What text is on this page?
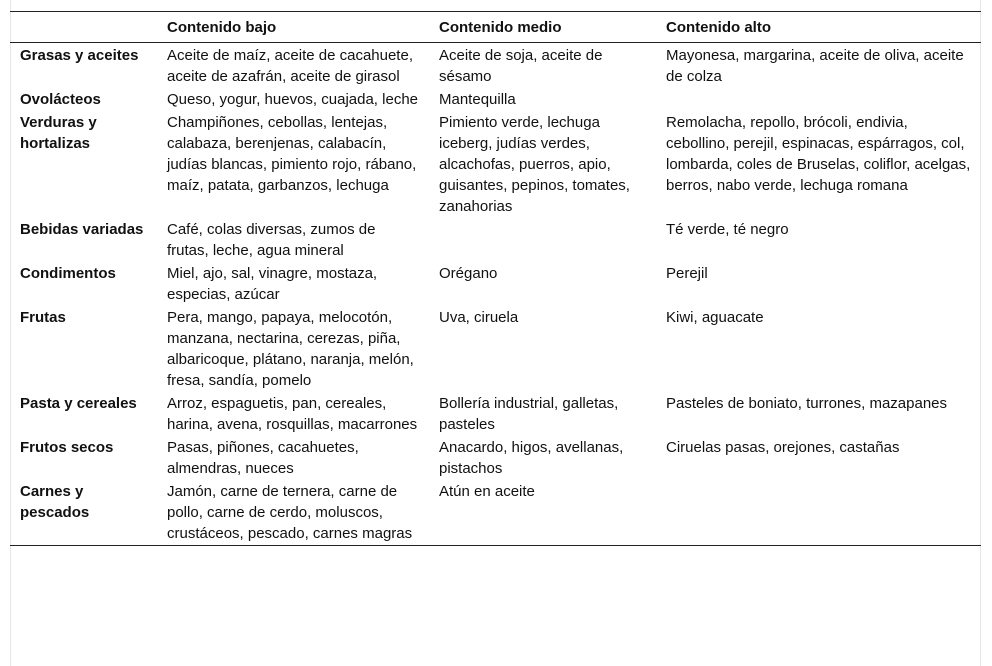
	Contenido bajo	Contenido medio	Contenido alto
Grasas y aceites	Aceite de maíz, aceite de cacahuete, aceite de azafrán, aceite de girasol	Aceite de soja, aceite de sésamo	Mayonesa, margarina, aceite de oliva, aceite de colza
Ovolácteos	Queso, yogur, huevos, cuajada, leche	Mantequilla	
Verduras y hortalizas	Champiñones, cebollas, lentejas, calabaza, berenjenas, calabacín, judías blancas, pimiento rojo, rábano, maíz, patata, garbanzos, lechuga	Pimiento verde, lechuga iceberg, judías verdes, alcachofas, puerros, apio, guisantes, pepinos, tomates, zanahorias	Remolacha, repollo, brócoli, endivia, cebollino, perejil, espinacas, espárragos, col, lombarda, coles de Bruselas, coliflor, acelgas, berros, nabo verde, lechuga romana
Bebidas variadas	Café, colas diversas, zumos de frutas, leche, agua mineral		Té verde, té negro
Condimentos	Miel, ajo, sal, vinagre, mostaza, especias, azúcar	Orégano	Perejil
Frutas	Pera, mango, papaya, melocotón, manzana, nectarina, cerezas, piña, albaricoque, plátano, naranja, melón, fresa, sandía, pomelo	Uva, ciruela	Kiwi, aguacate
Pasta y cereales	Arroz, espaguetis, pan, cereales, harina, avena, rosquillas, macarrones	Bollería industrial, galletas, pasteles	Pasteles de boniato, turrones, mazapanes
Frutos secos	Pasas, piñones, cacahuetes, almendras, nueces	Anacardo, higos, avellanas, pistachos	Ciruelas pasas, orejones, castañas
Carnes y pescados	Jamón, carne de ternera, carne de pollo, carne de cerdo, moluscos, crustáceos, pescado, carnes magras	Atún en aceite	
